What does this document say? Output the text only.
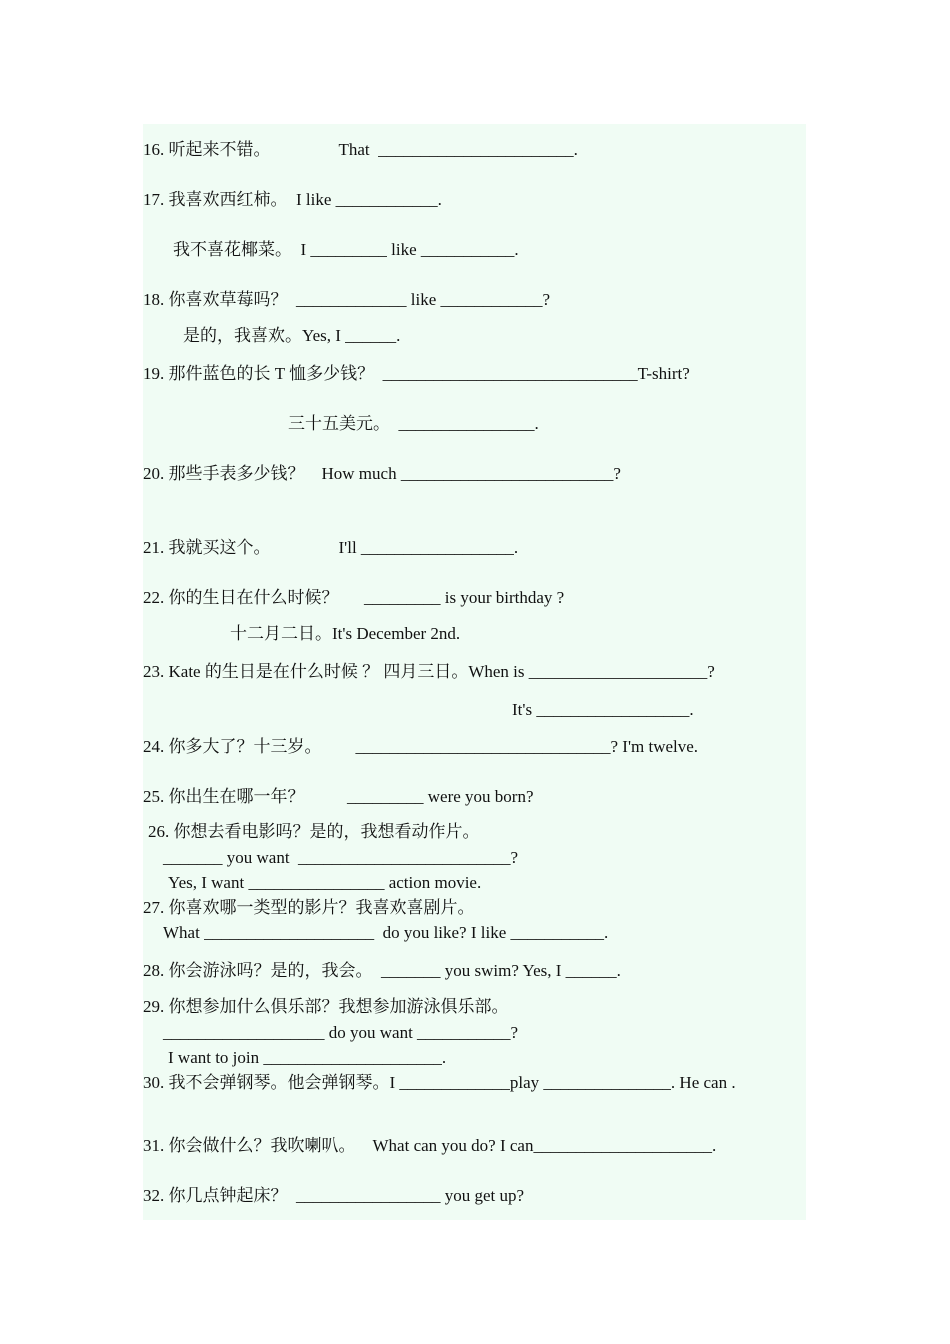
16. 听起来不错。                That  _______________________.
17. 我喜欢西红柿。  I like ____________.
我不喜花椰菜。  I _________ like ___________.
18. 你喜欢草莓吗？  _____________ like ____________?
是的，我喜欢。Yes, I ______.
19. 那件蓝色的长 T 恤多少钱？  ______________________________T-shirt?
三十五美元。  ________________.
20. 那些手表多少钱？    How much _________________________?
21. 我就买这个。                I'll __________________.
22. 你的生日在什么时候？      _________ is your birthday ?
十二月二日。It's December 2nd.
23. Kate 的生日是在什么时候 ？ 四月三日。When is _____________________?
It's __________________.
24. 你多大了？十三岁。        ______________________________? I'm twelve.
25. 你出生在哪一年？          _________ were you born?
26. 你想去看电影吗？是的，我想看动作片。
_______ you want  _________________________?
Yes, I want ________________ action movie.
27. 你喜欢哪一类型的影片？我喜欢喜剧片。
What ____________________  do you like? I like ___________.
28. 你会游泳吗？是的，我会。  _______ you swim? Yes, I ______.
29. 你想参加什么俱乐部？我想参加游泳俱乐部。
___________________ do you want ___________?
I want to join _____________________.
30. 我不会弹钢琴。他会弹钢琴。I _____________play _______________. He can .
31. 你会做什么？我吹喇叭。    What can you do? I can_____________________.
32. 你几点钟起床？  _________________ you get up?
